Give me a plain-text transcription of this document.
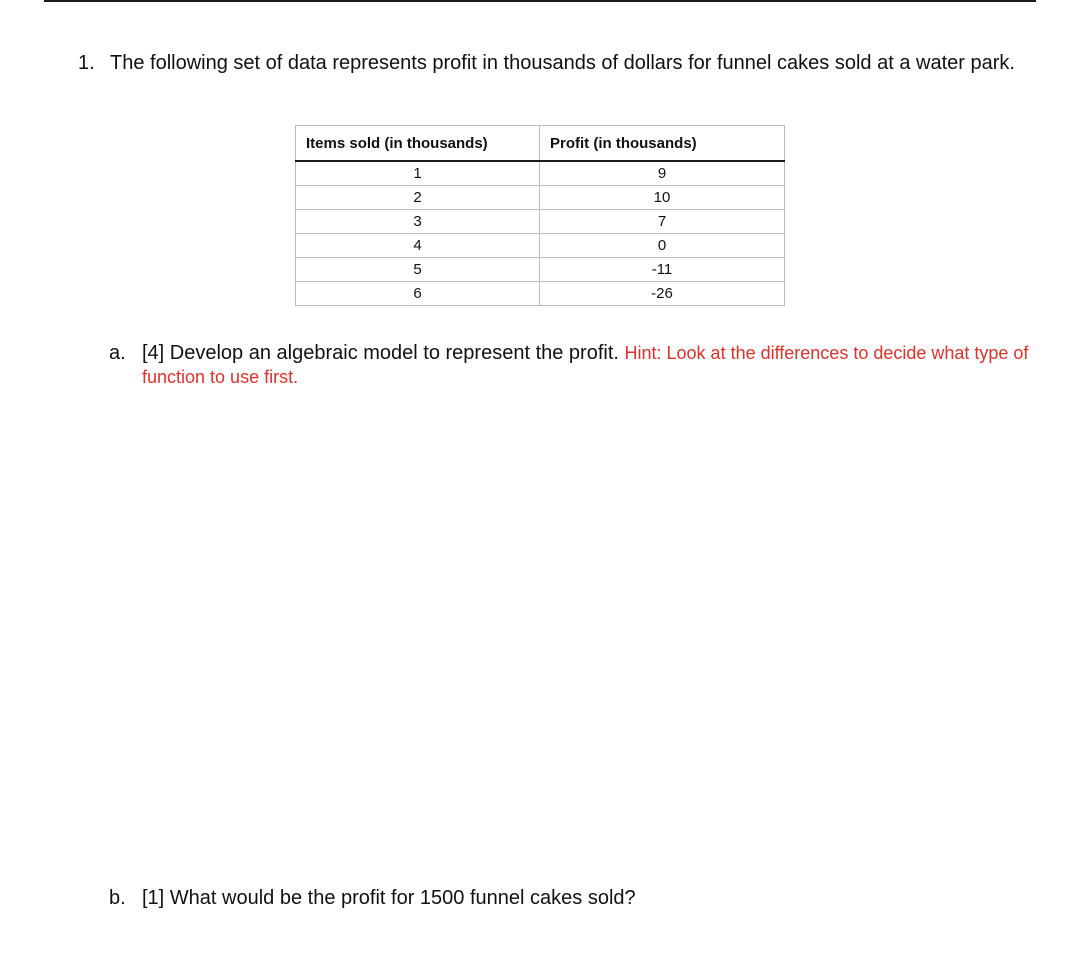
1. The following set of data represents profit in thousands of dollars for funnel cakes sold at a water park.
Items sold (in thousands)	Profit (in thousands)
1	9
2	10
3	7
4	0
5	-11
6	-26
a. [4] Develop an algebraic model to represent the profit. Hint: Look at the differences to decide what type of function to use first.
b. [1] What would be the profit for 1500 funnel cakes sold?
